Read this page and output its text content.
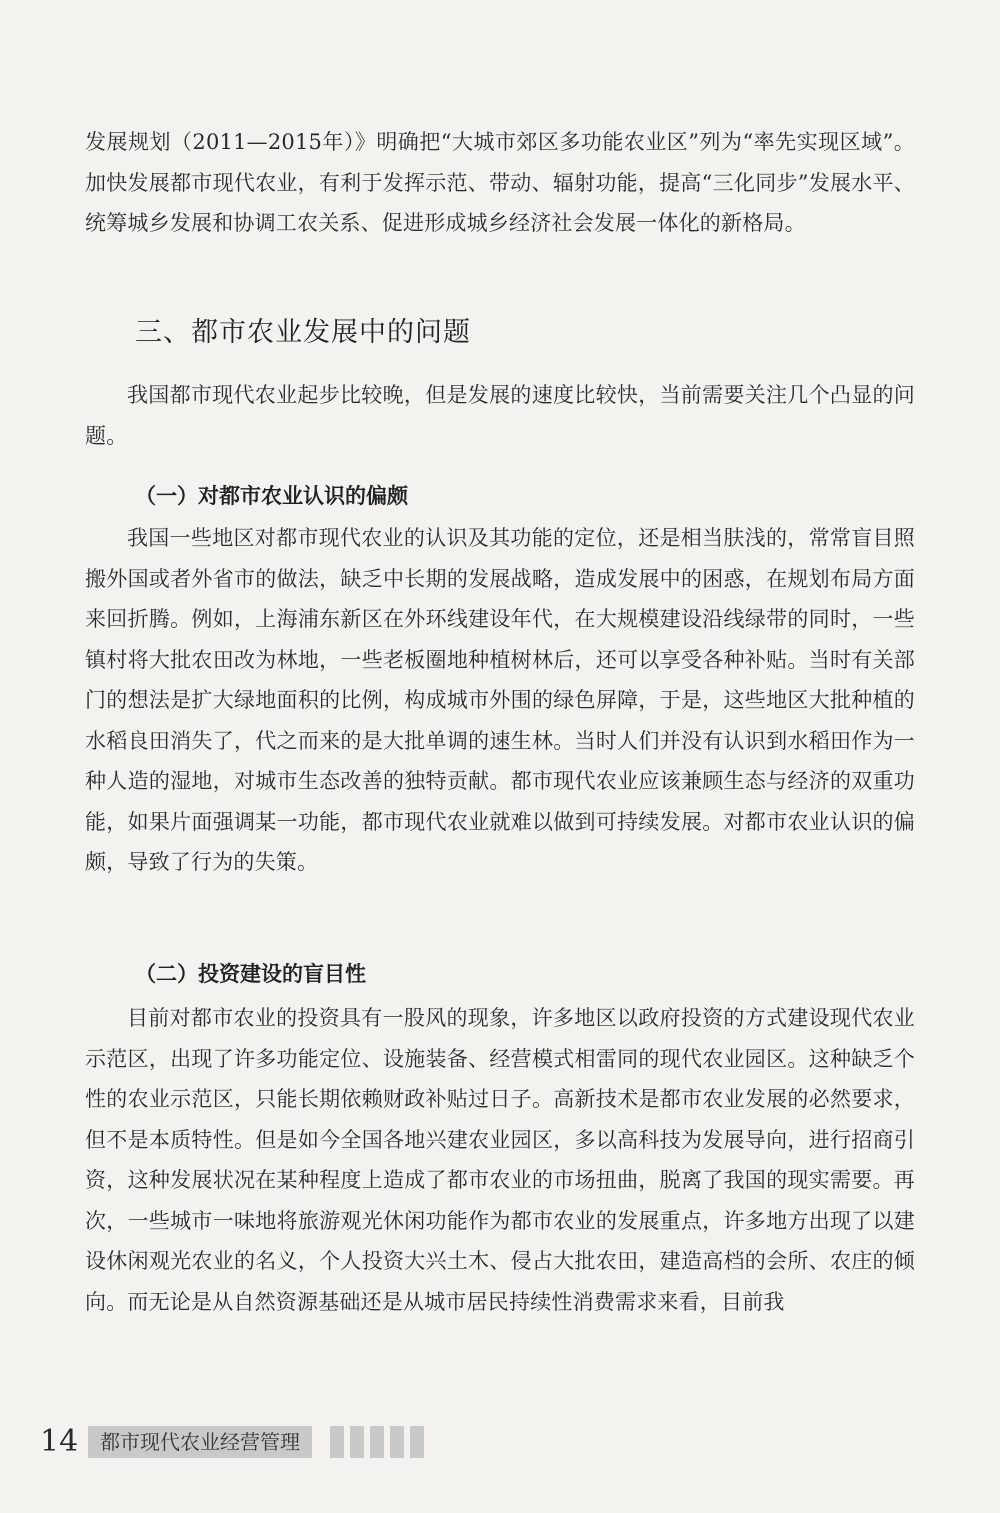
发展规划（2011—2015年）》明确把“大城市郊区多功能农业区”列为“率先实现区域”。加快发展都市现代农业，有利于发挥示范、带动、辐射功能，提高“三化同步”发展水平、统筹城乡发展和协调工农关系、促进形成城乡经济社会发展一体化的新格局。

三、都市农业发展中的问题

我国都市现代农业起步比较晚，但是发展的速度比较快，当前需要关注几个凸显的问题。

（一）对都市农业认识的偏颇

我国一些地区对都市现代农业的认识及其功能的定位，还是相当肤浅的，常常盲目照搬外国或者外省市的做法，缺乏中长期的发展战略，造成发展中的困惑，在规划布局方面来回折腾。例如，上海浦东新区在外环线建设年代，在大规模建设沿线绿带的同时，一些镇村将大批农田改为林地，一些老板圈地种植树林后，还可以享受各种补贴。当时有关部门的想法是扩大绿地面积的比例，构成城市外围的绿色屏障，于是，这些地区大批种植的水稻良田消失了，代之而来的是大批单调的速生林。当时人们并没有认识到水稻田作为一种人造的湿地，对城市生态改善的独特贡献。都市现代农业应该兼顾生态与经济的双重功能，如果片面强调某一功能，都市现代农业就难以做到可持续发展。对都市农业认识的偏颇，导致了行为的失策。

（二）投资建设的盲目性

目前对都市农业的投资具有一股风的现象，许多地区以政府投资的方式建设现代农业示范区，出现了许多功能定位、设施装备、经营模式相雷同的现代农业园区。这种缺乏个性的农业示范区，只能长期依赖财政补贴过日子。高新技术是都市农业发展的必然要求，但不是本质特性。但是如今全国各地兴建农业园区，多以高科技为发展导向，进行招商引资，这种发展状况在某种程度上造成了都市农业的市场扭曲，脱离了我国的现实需要。再次，一些城市一味地将旅游观光休闲功能作为都市农业的发展重点，许多地方出现了以建设休闲观光农业的名义，个人投资大兴土木、侵占大批农田，建造高档的会所、农庄的倾向。而无论是从自然资源基础还是从城市居民持续性消费需求来看，目前我

14	都市现代农业经营管理
